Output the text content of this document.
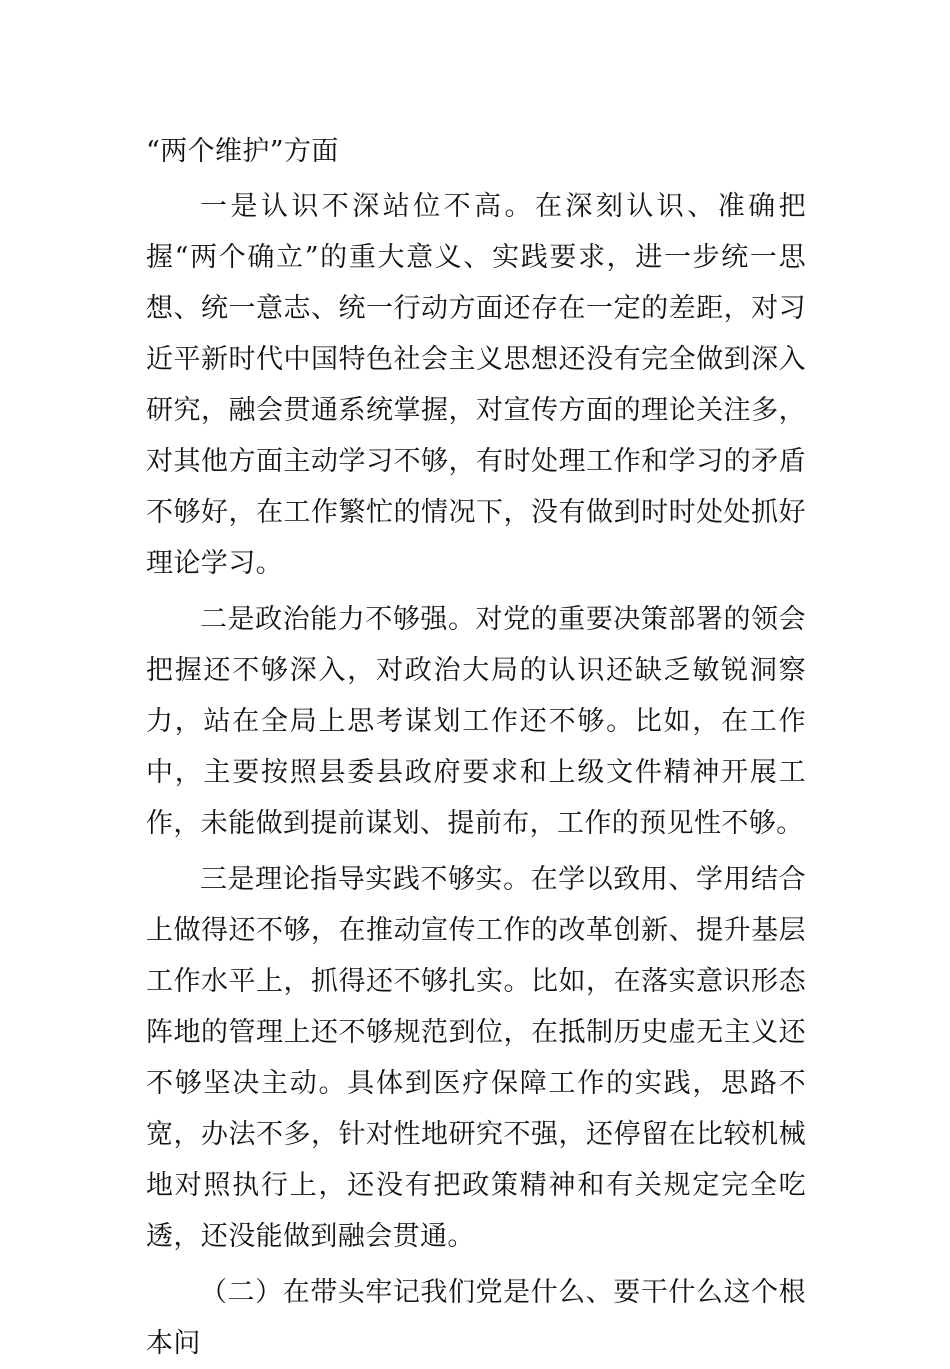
“两个维护”方面

一是认识不深站位不高。在深刻认识、准确把握“两个确立”的重大意义、实践要求，进一步统一思想、统一意志、统一行动方面还存在一定的差距，对习近平新时代中国特色社会主义思想还没有完全做到深入研究，融会贯通系统掌握，对宣传方面的理论关注多，对其他方面主动学习不够，有时处理工作和学习的矛盾不够好，在工作繁忙的情况下，没有做到时时处处抓好理论学习。

二是政治能力不够强。对党的重要决策部署的领会把握还不够深入，对政治大局的认识还缺乏敏锐洞察力，站在全局上思考谋划工作还不够。比如，在工作中，主要按照县委县政府要求和上级文件精神开展工作，未能做到提前谋划、提前布，工作的预见性不够。

三是理论指导实践不够实。在学以致用、学用结合上做得还不够，在推动宣传工作的改革创新、提升基层工作水平上，抓得还不够扎实。比如，在落实意识形态阵地的管理上还不够规范到位，在抵制历史虚无主义还不够坚决主动。具体到医疗保障工作的实践，思路不宽，办法不多，针对性地研究不强，还停留在比较机械地对照执行上，还没有把政策精神和有关规定完全吃透，还没能做到融会贯通。

（二）在带头牢记我们党是什么、要干什么这个根本问
